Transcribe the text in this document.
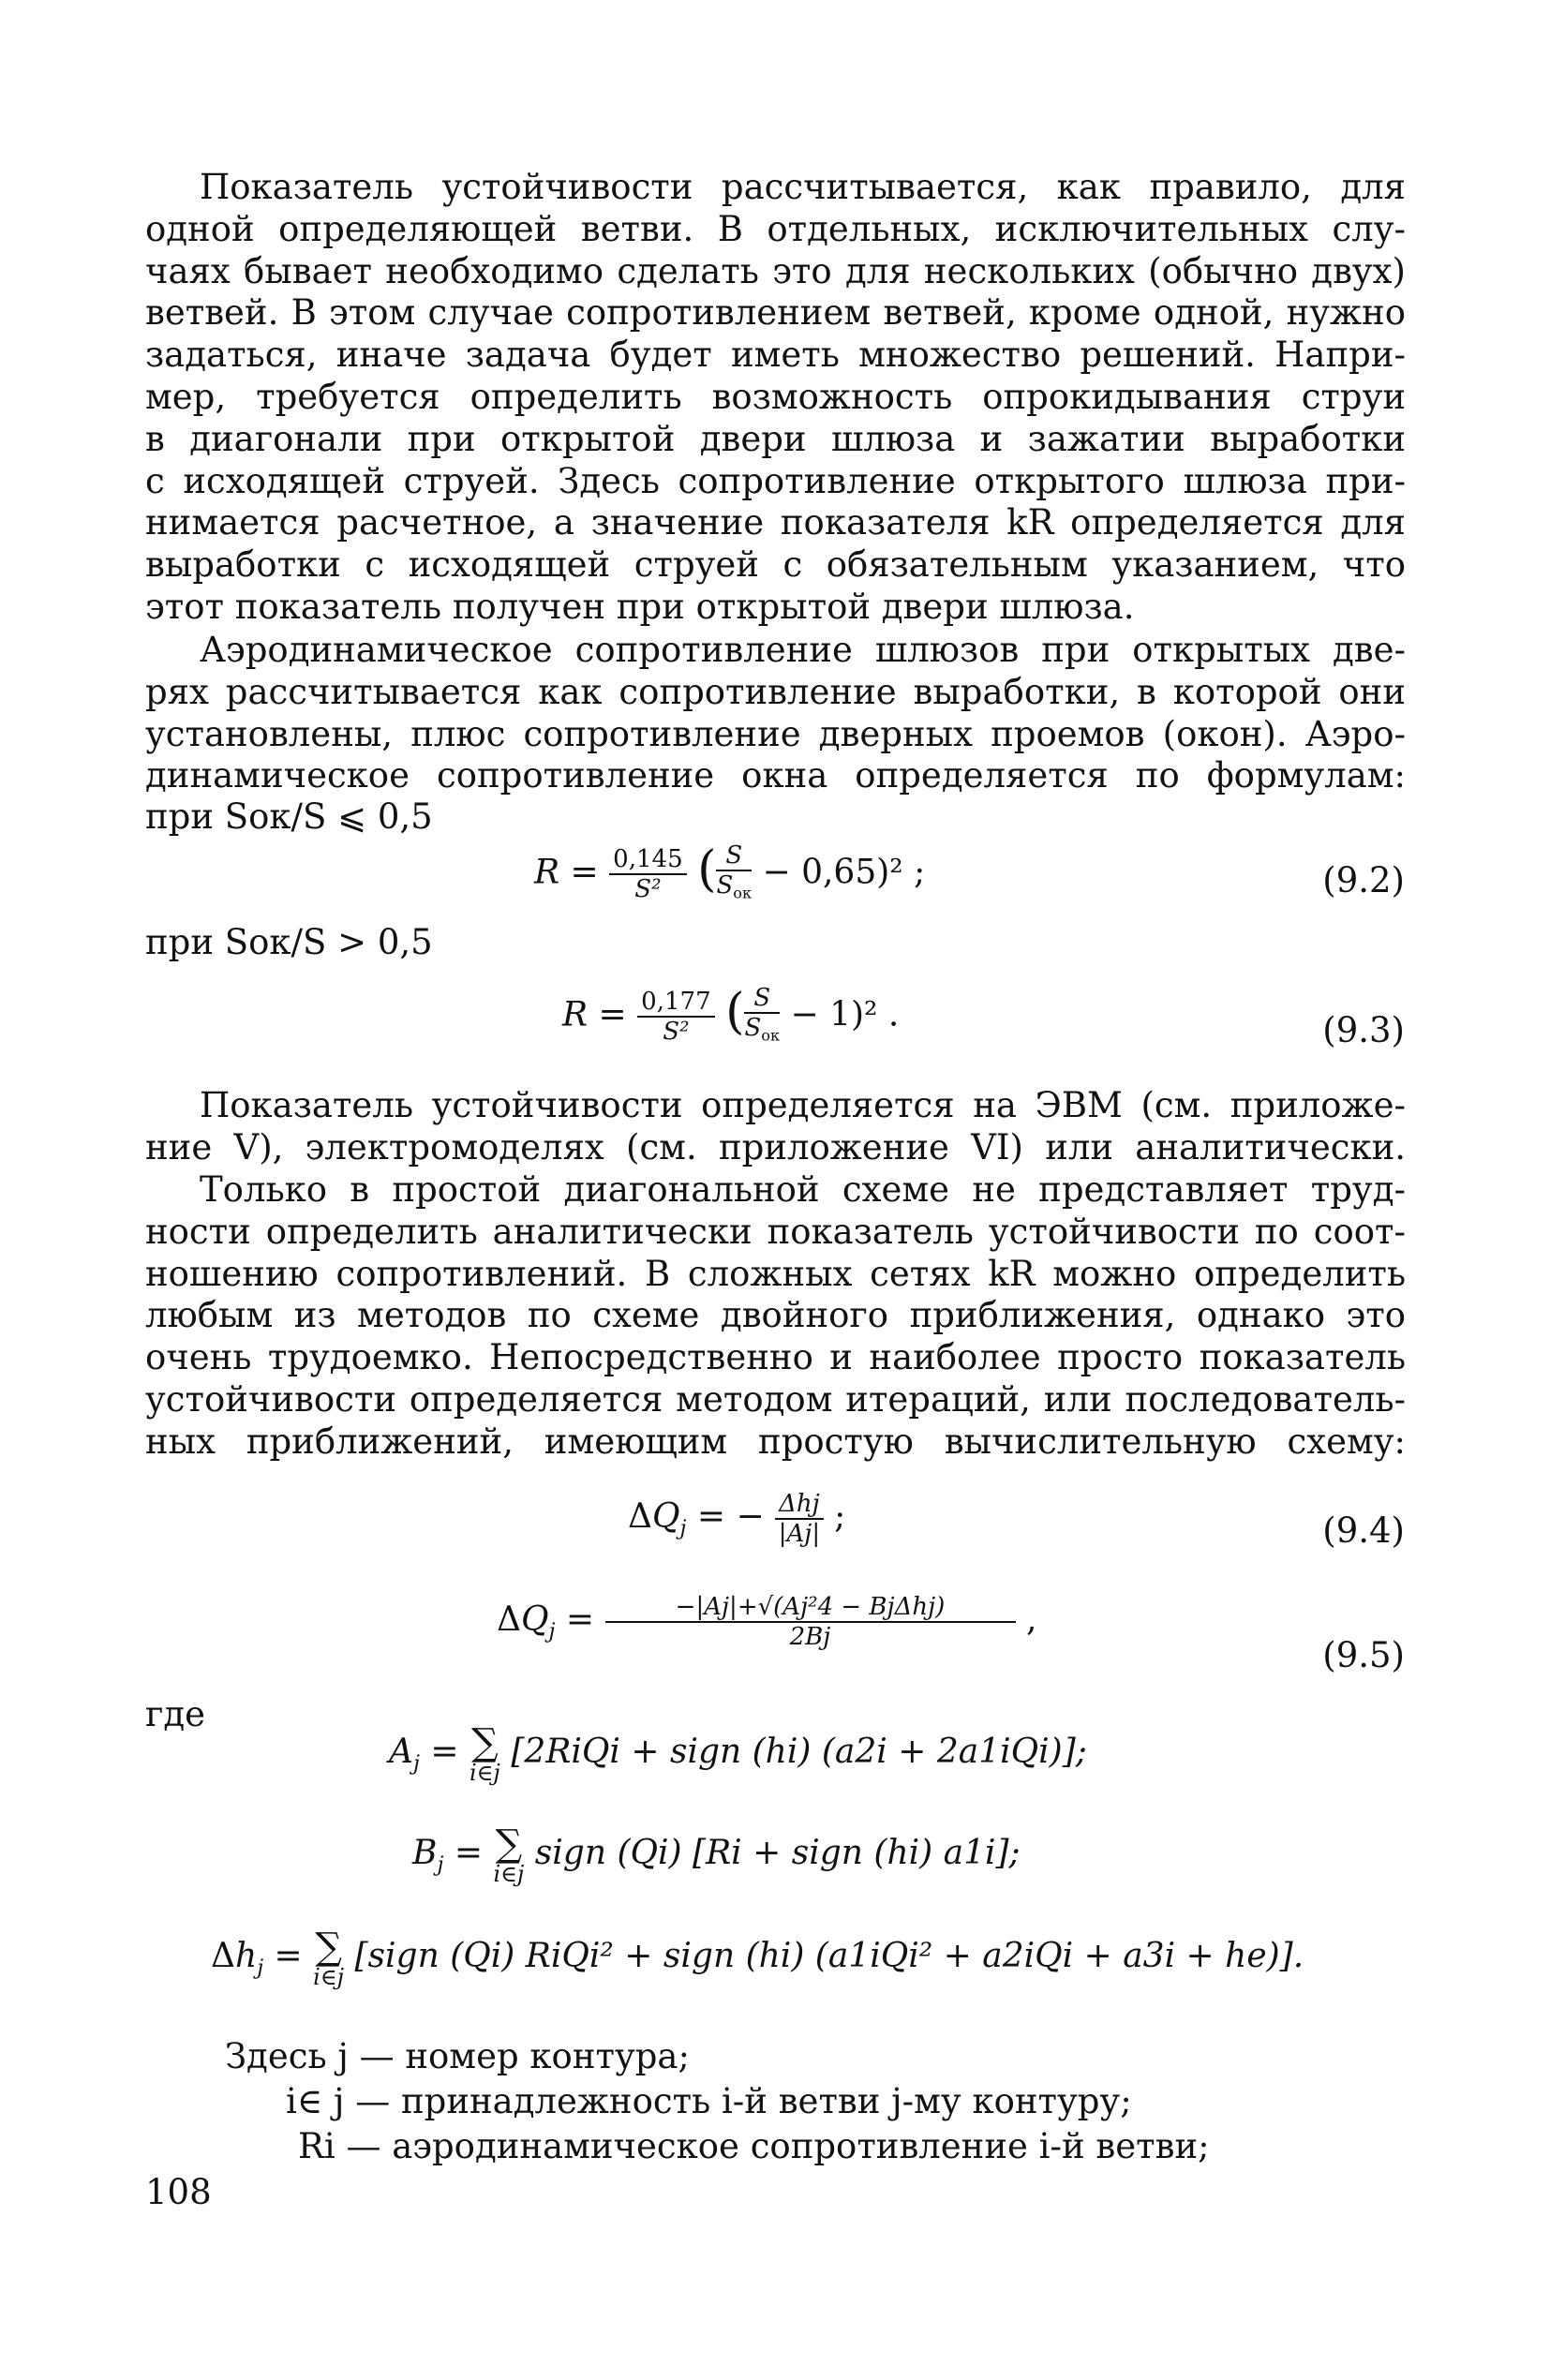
Показатель устойчивости рассчитывается, как правило, для
одной определяющей ветви. В отдельных, исключительных слу-
чаях бывает необходимо сделать это для нескольких (обычно двух)
ветвей. В этом случае сопротивлением ветвей, кроме одной, нужно
задаться, иначе задача будет иметь множество решений. Напри-
мер, требуется определить возможность опрокидывания струи
в диагонали при открытой двери шлюза и зажатии выработки
с исходящей струей. Здесь сопротивление открытого шлюза при-
нимается расчетное, а значение показателя kR определяется для
выработки с исходящей струей с обязательным указанием, что
этот показатель получен при открытой двери шлюза.
Аэродинамическое сопротивление шлюзов при открытых две-
рях рассчитывается как сопротивление выработки, в которой они
установлены, плюс сопротивление дверных проемов (окон). Аэро-
динамическое сопротивление окна определяется по формулам:
при Sок/S ⩽ 0,5
$R = \frac{0,145}{\text{S²}}$ ( $\frac{S}{S_{ок}} - 0,65)^2$ ;	(9.2)
при Sок/S > 0,5
$R = \frac{0,177}{\text{S²}}$ ( $\frac{S}{S_{ок}} - 1)^2$ .	(9.3)
Показатель устойчивости определяется на ЭВМ (см. приложе-
ние V), электромоделях (см. приложение VI) или аналитически.
Только в простой диагональной схеме не представляет труд-
ности определить аналитически показатель устойчивости по соот-
ношению сопротивлений. В сложных сетях kR можно определить
любым из методов по схеме двойного приближения, однако это
очень трудоемко. Непосредственно и наиболее просто показатель
устойчивости определяется методом итераций, или последователь-
ных приближений, имеющим простую вычислительную схему:
$\Delta Q_j$ = − $\frac{\text{Δhj}}{|Aj|}$ ;	(9.4)
$\Delta Q_j = \frac{\text{−|Aj|+√(Aj²4 − BjΔhj)}}{2Bj}$ ,
(9.5)
где
$A_j$ = ∑
i∈j
[2RiQi + sign (hi) (a2i + 2a1iQi)];
$B_j$ = ∑
i∈j
sign (Qi) [Ri + sign (hi) a1i];
$\Delta h_j$ = ∑
i∈j
[sign (Qi) RiQi² + sign (hi) (a1iQi² + a2iQi + a3i + he)].
Здесь j — номер контура;
i∈ j — принадлежность i-й ветви j-му контуру;
Ri — аэродинамическое сопротивление i-й ветви;
108
